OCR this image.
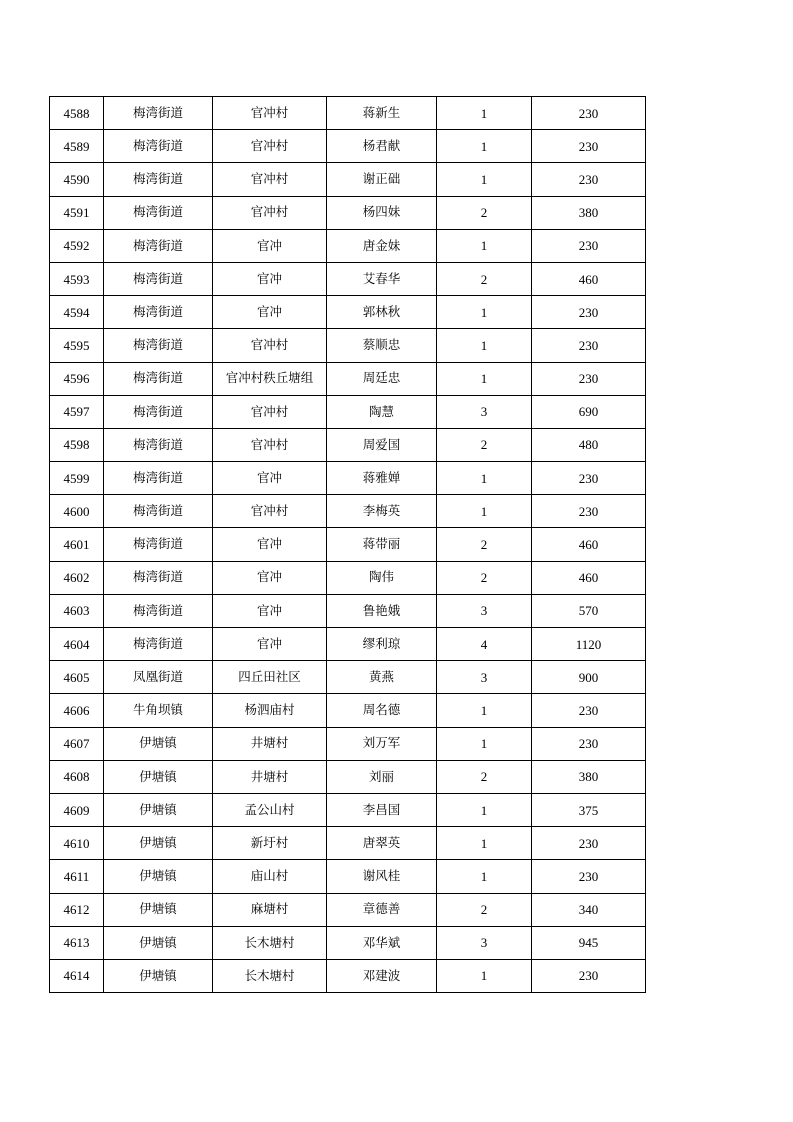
4588	梅湾街道	官冲村	蒋新生	1	230
4589	梅湾街道	官冲村	杨君献	1	230
4590	梅湾街道	官冲村	谢正础	1	230
4591	梅湾街道	官冲村	杨四妹	2	380
4592	梅湾街道	官冲	唐金妹	1	230
4593	梅湾街道	官冲	艾春华	2	460
4594	梅湾街道	官冲	郭林秋	1	230
4595	梅湾街道	官冲村	蔡顺忠	1	230
4596	梅湾街道	官冲村秩丘塘组	周廷忠	1	230
4597	梅湾街道	官冲村	陶慧	3	690
4598	梅湾街道	官冲村	周爱国	2	480
4599	梅湾街道	官冲	蒋雅婵	1	230
4600	梅湾街道	官冲村	李梅英	1	230
4601	梅湾街道	官冲	蒋带丽	2	460
4602	梅湾街道	官冲	陶伟	2	460
4603	梅湾街道	官冲	鲁艳娥	3	570
4604	梅湾街道	官冲	缪利琼	4	1120
4605	凤凰街道	四丘田社区	黄燕	3	900
4606	牛角坝镇	杨泗庙村	周名德	1	230
4607	伊塘镇	井塘村	刘万军	1	230
4608	伊塘镇	井塘村	刘丽	2	380
4609	伊塘镇	孟公山村	李昌国	1	375
4610	伊塘镇	新圩村	唐翠英	1	230
4611	伊塘镇	庙山村	谢风桂	1	230
4612	伊塘镇	麻塘村	章德善	2	340
4613	伊塘镇	长木塘村	邓华斌	3	945
4614	伊塘镇	长木塘村	邓建波	1	230
